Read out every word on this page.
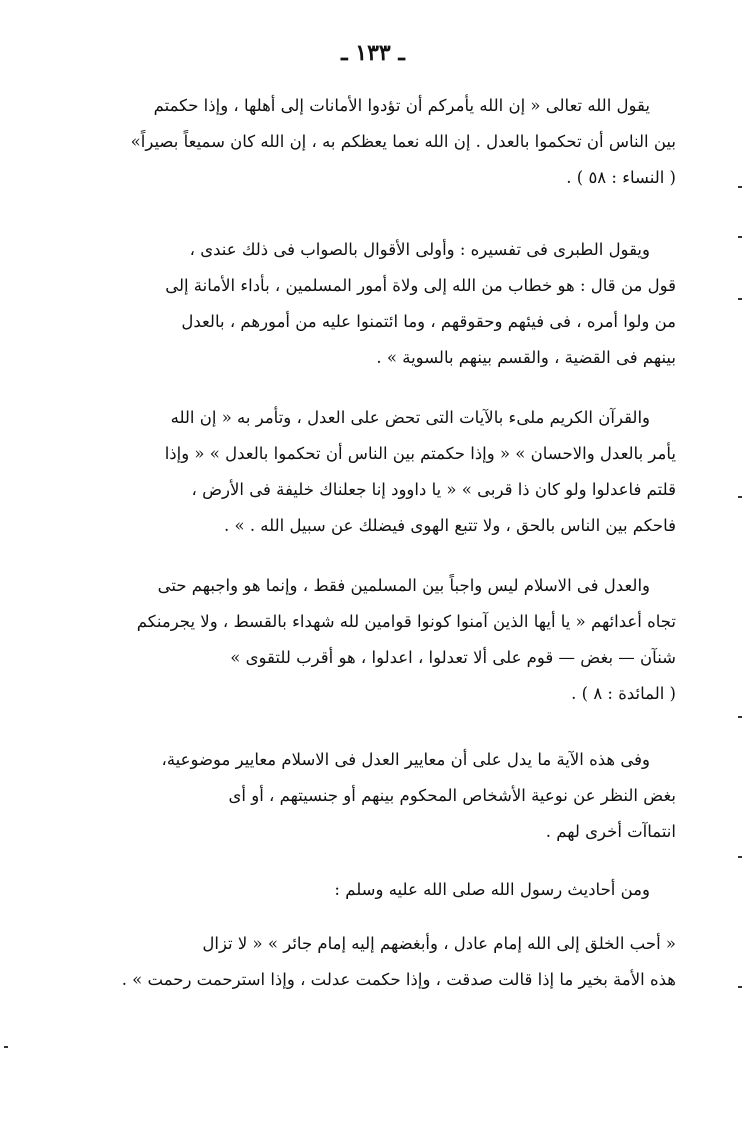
ـ ١٣٣ ـ
يقول الله تعالى « إن الله يأمركم أن تؤدوا الأمانات إلى أهلها ، وإذا حكمتم
بين الناس أن تحكموا بالعدل . إن الله نعما يعظكم به ، إن الله كان سميعاً بصيراً»
( النساء : ٥٨ ) .
ويقول الطبرى فى تفسيره : وأولى الأقوال بالصواب فى ذلك عندى ،
قول من قال : هو خطاب من الله إلى ولاة أمور المسلمين ، بأداء الأمانة إلى
من ولوا أمره ، فى فيئهم وحقوقهم ، وما ائتمنوا عليه من أمورهم ، بالعدل
بينهم فى القضية ، والقسم بينهم بالسوية » .
والقرآن الكريم ملىء بالآيات التى تحض على العدل ، وتأمر به « إن الله
يأمر بالعدل والاحسان » « وإذا حكمتم بين الناس أن تحكموا بالعدل » « وإذا
قلتم فاعدلوا ولو كان ذا قربى » « يا داوود إنا جعلناك خليفة فى الأرض ،
فاحكم بين الناس بالحق ، ولا تتبع الهوى فيضلك عن سبيل الله . » .
والعدل فى الاسلام ليس واجباً بين المسلمين فقط ، وإنما هو واجبهم حتى
تجاه أعدائهم « يا أيها الذين آمنوا كونوا قوامين لله شهداء بالقسط ، ولا يجرمنكم
شنآن — بغض — قوم على ألا تعدلوا ، اعدلوا ، هو أقرب للتقوى »
( المائدة : ٨ ) .
وفى هذه الآية ما يدل على أن معايير العدل فى الاسلام معايير موضوعية،
بغض النظر عن نوعية الأشخاص المحكوم بينهم أو جنسيتهم ، أو أى
انتماآت أخرى لهم .
ومن أحاديث رسول الله صلى الله عليه وسلم :
« أحب الخلق إلى الله إمام عادل ، وأبغضهم إليه إمام جائر » « لا تزال
هذه الأمة بخير ما إذا قالت صدقت ، وإذا حكمت عدلت ، وإذا استرحمت رحمت » .
